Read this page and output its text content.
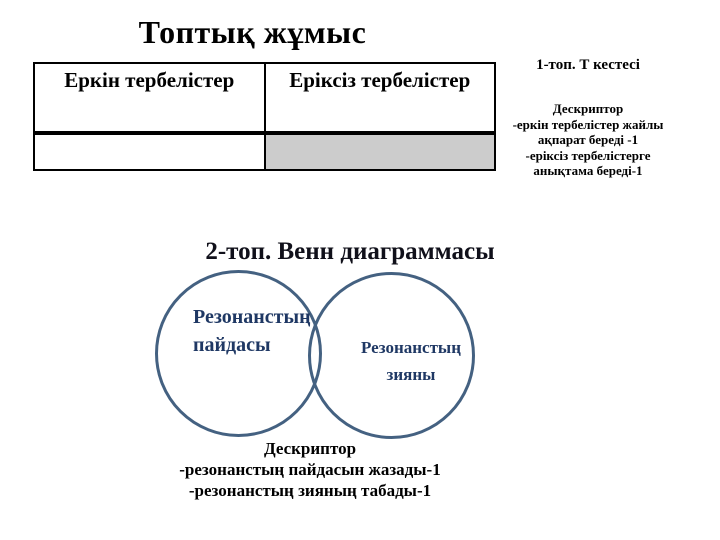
Топтық жұмыс
Еркін тербелістер	Еріксіз тербелістер

1-топ. Т кестесі

Дескриптор

-еркін тербелістер жайлы

ақпарат береді -1

-еріксіз тербелістерге

анықтама береді-1

2-топ. Венн диаграммасы
Резонанстың пайдасы	Резонанстың зияны

Дескриптор

-резонанстың пайдасын жазады-1

-резонанстың зияның табады-1
